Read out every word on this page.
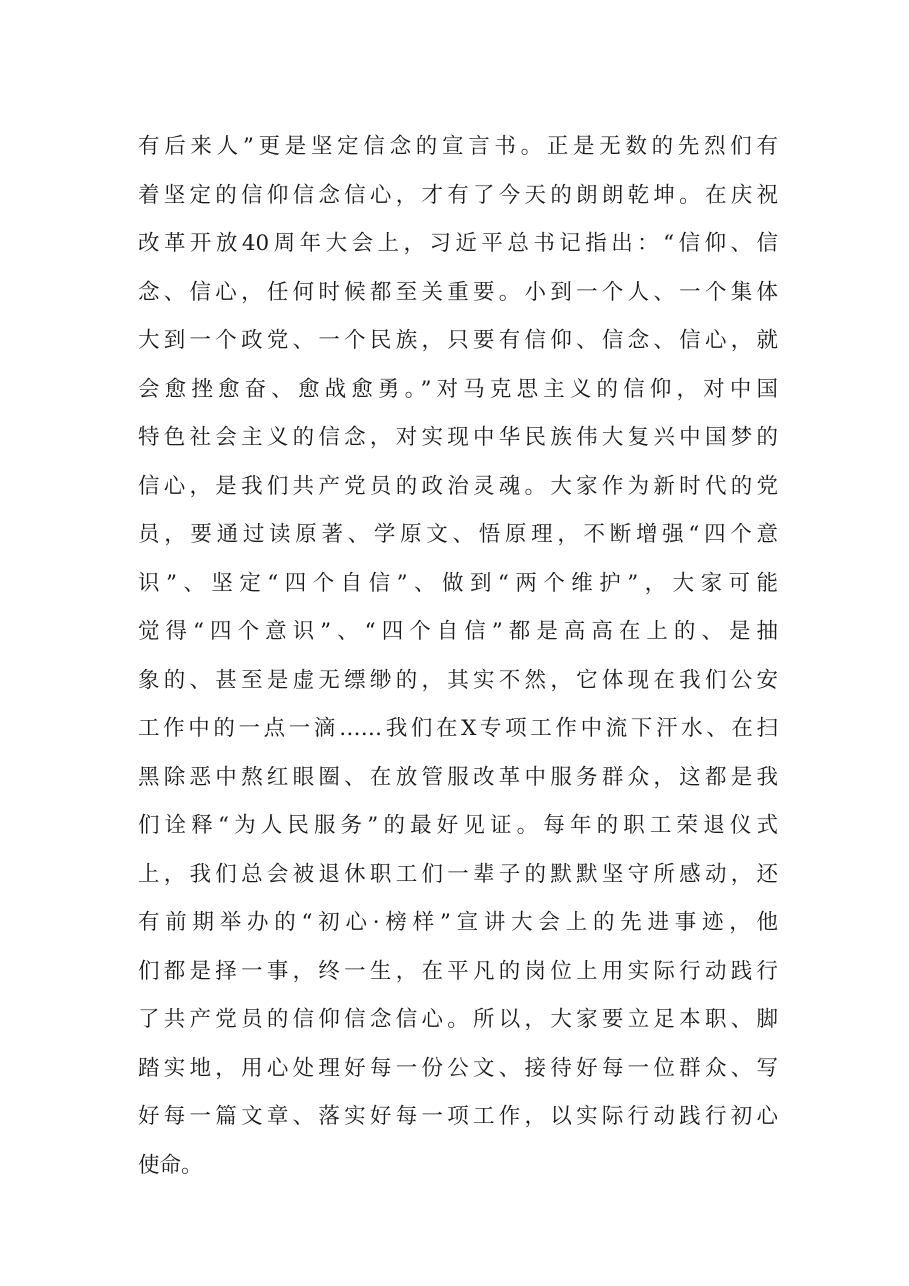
有后来人”更是坚定信念的宣言书。正是无数的先烈们有
着坚定的信仰信念信心，才有了今天的朗朗乾坤。在庆祝
改革开放40周年大会上，习近平总书记指出：“信仰、信
念、信心，任何时候都至关重要。小到一个人、一个集体
大到一个政党、一个民族，只要有信仰、信念、信心，就
会愈挫愈奋、愈战愈勇。”对马克思主义的信仰，对中国
特色社会主义的信念，对实现中华民族伟大复兴中国梦的
信心，是我们共产党员的政治灵魂。大家作为新时代的党
员，要通过读原著、学原文、悟原理，不断增强“四个意
识”、坚定“四个自信”、做到“两个维护”，大家可能
觉得“四个意识”、“四个自信”都是高高在上的、是抽
象的、甚至是虚无缥缈的，其实不然，它体现在我们公安
工作中的一点一滴……我们在X专项工作中流下汗水、在扫
黑除恶中熬红眼圈、在放管服改革中服务群众，这都是我
们诠释“为人民服务”的最好见证。每年的职工荣退仪式
上，我们总会被退休职工们一辈子的默默坚守所感动，还
有前期举办的“初心·榜样”宣讲大会上的先进事迹，他
们都是择一事，终一生，在平凡的岗位上用实际行动践行
了共产党员的信仰信念信心。所以，大家要立足本职、脚
踏实地，用心处理好每一份公文、接待好每一位群众、写
好每一篇文章、落实好每一项工作，以实际行动践行初心
使命。
